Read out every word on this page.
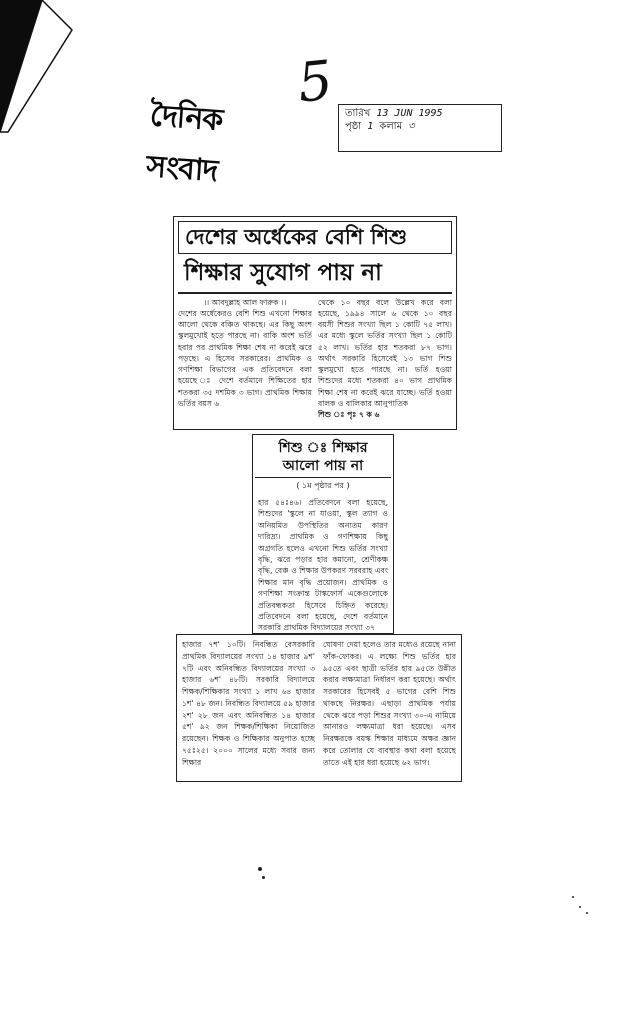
দৈনিক সংবাদ
5 তারিখ 13 JUN 1995
পৃষ্ঠা 1 কলাম ৩
দেশের অর্ধেকের বেশি শিশু
শিক্ষার সুযোগ পায় না
।। আবদুল্লাহ আল ফারুক ।।

দেশের অর্ধেকেরও বেশি শিশু এখনো শিক্ষার আলো থেকে বঞ্চিত থাকছে। এর কিছু অংশ স্কুলমুখোই হতে পারছে না। বাকি অংশ ভর্তি হবার পর প্রাথমিক শিক্ষা শেষ না করেই ঝরে পড়ছে। এ হিসেব সরকারের। প্রাথমিক ও গণশিক্ষা বিভাগের এক প্রতিবেদনে বলা হয়েছে ঃ দেশে বর্তমানে শিক্ষিতের হার শতকরা ৩৫ দশমিক ৩ ভাগ। প্রাথমিক শিক্ষায় ভর্তির বয়স ৬

থেকে ১০ বছর বলে উল্লেখ করে বলা হয়েছে, ১৯৯৪ সালে ৬ থেকে ১০ বছর বয়সী শিশুর সংখ্যা ছিল ১ কোটি ৭৫ লাখ। এর মধ্যে স্কুলে ভর্তির সংখ্যা ছিল ১ কোটি ৫২ লাখ। ভর্তির হার শতকরা ৮৭ ভাগ। অর্থাৎ সরকারি হিসেবেই ১৩ ভাগ শিশু স্কুলমুখো হতে পারছে না। ভর্তি হওয়া শিশুদের মধ্যে শতকরা ৪০ ভাগ প্রাথমিক শিক্ষা শেষ না করেই ঝরে যাচ্ছে। ভর্তি হওয়া বালক ও বালিকার আনুপাতিক

শিশু ঃ পৃঃ ৭ ক ৬
শিশু ঃ শিক্ষার আলো পায় না
( ১ম পৃষ্ঠার পর )
হার ৫৪ঃ৪৬। প্রতিবেদনে বলা হয়েছে, শিশুদের 'স্কুলে না যাওয়া, স্কুল ত্যাগ ও অনিয়মিত উপস্থিতির অন্যতম কারণ দারিদ্র্য। প্রাথমিক ও গণশিক্ষায় কিছু অগ্রগতি হলেও এখনো শিশু ভর্তির সংখ্যা বৃদ্ধি, ঝরে পড়ার হার কমানো, শ্রেণীকক্ষ বৃদ্ধি, বেঞ্চ ও শিক্ষার উপকরণ সরবরাহ এবং শিক্ষার মান বৃদ্ধি প্রয়োজন। প্রাথমিক ও গণশিক্ষা সংক্রান্ত টাস্কফোর্স একেগুলোকে প্রতিবন্ধকতা হিসেবে চিহ্নিত করেছে। প্রতিবেদনে বলা হয়েছে, দেশে বর্তমানে সরকারি প্রাথমিক বিদ্যালয়ের সংখ্যা ৩৭
হাজার ৭শ' ১০টি। নিবন্ধিত বেসরকারি প্রাথমিক বিদ্যালয়ের সংখ্যা ১৪ হাজার ৯শ' ৭টি এবং অনিবন্ধিত বিদ্যালয়ের সংখ্যা ৩ হাজার ৬শ' ৪৮টি। সরকারি বিদ্যালয়ে শিক্ষক/শিক্ষিকার সংখ্যা ১ লাখ ৬৪ হাজার ১শ' ৪৮ জন। নিবন্ধিত বিদ্যালয়ে ৫৯ হাজার ২শ' ২৮ জন এবং অনিবন্ধিত ১৪ হাজার ৫শ' ৯২ জন শিক্ষক/শিক্ষিকা নিয়োজিত রয়েছেন। শিক্ষক ও শিক্ষিকার অনুপাত হচ্ছে ৭৫ঃ২৫। ২০০০ সালের মধ্যে সবার জন্য শিক্ষার
ঘোষণা দেয়া হলেও তার মধ্যেও রয়েছে নানা ফাঁক-ফোকর। এ লক্ষ্যে শিশু ভর্তির হার ৯৫তে এবং ছাত্রী ভর্তির হার ৯৫তে উন্নীত করার লক্ষ্যমাত্রা নির্ধারণ করা হয়েছে। অর্থাৎ সরকারের হিসেবই ৫ ভাগের বেশি শিশু থাকছে নিরক্ষর। এছাড়া প্রাথমিক পর্যায় থেকে ঝরে পড়া শিশুর সংখ্যা ৩০-এ নামিয়ে আনারও লক্ষ্যমাত্রা ধরা হয়েছে। এসব নিরক্ষরকে বয়স্ক শিক্ষার মাধ্যমে অক্ষর জ্ঞান করে তোলার যে ব্যবস্থার কথা বলা হয়েছে তাতে এই হার ধরা হয়েছে ৬২ ভাগ।
